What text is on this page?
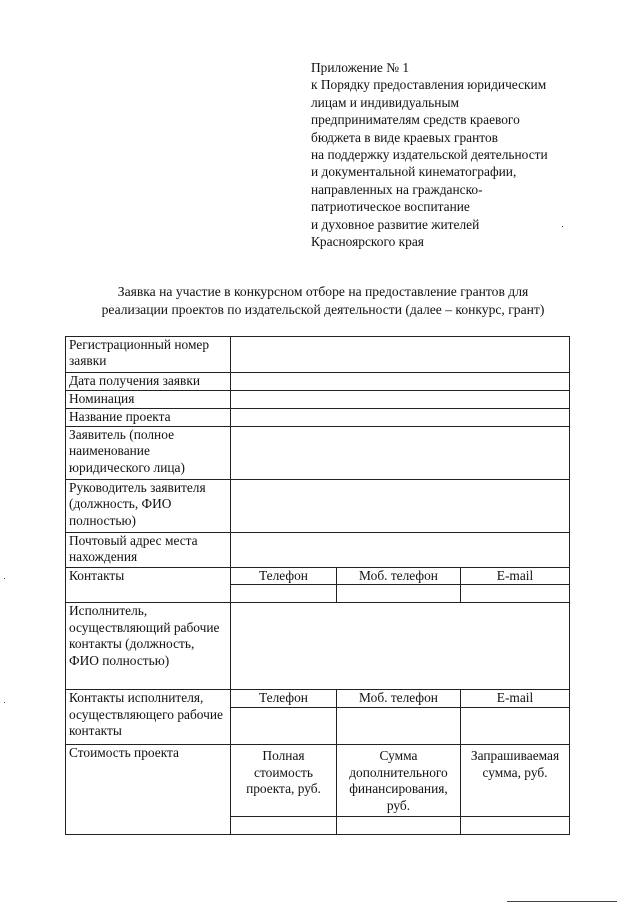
Приложение № 1
к Порядку предоставления юридическим
лицам и индивидуальным
предпринимателям средств краевого
бюджета в виде краевых грантов
на поддержку издательской деятельности
и документальной кинематографии,
направленных на гражданско-
патриотическое воспитание
и духовное развитие жителей
Красноярского края
Заявка на участие в конкурсном отборе на предоставление грантов для
реализации проектов по издательской деятельности (далее – конкурс, грант)
Регистрационный номер заявки			
Дата получения заявки			
Номинация			
Название проекта			
Заявитель (полное наименование юридического лица)			
Руководитель заявителя (должность, ФИО полностью)			
Почтовый адрес места нахождения			
Контакты	Телефон	Моб. телефон	E-mail

Исполнитель, осуществляющий рабочие контакты (должность, ФИО полностью)			
Контакты исполнителя, осуществляющего рабочие контакты	Телефон	Моб. телефон	E-mail

Стоимость проекта	Полная стоимость проекта, руб.	Сумма дополнительного финансирования, руб.	Запрашиваемая сумма, руб.
